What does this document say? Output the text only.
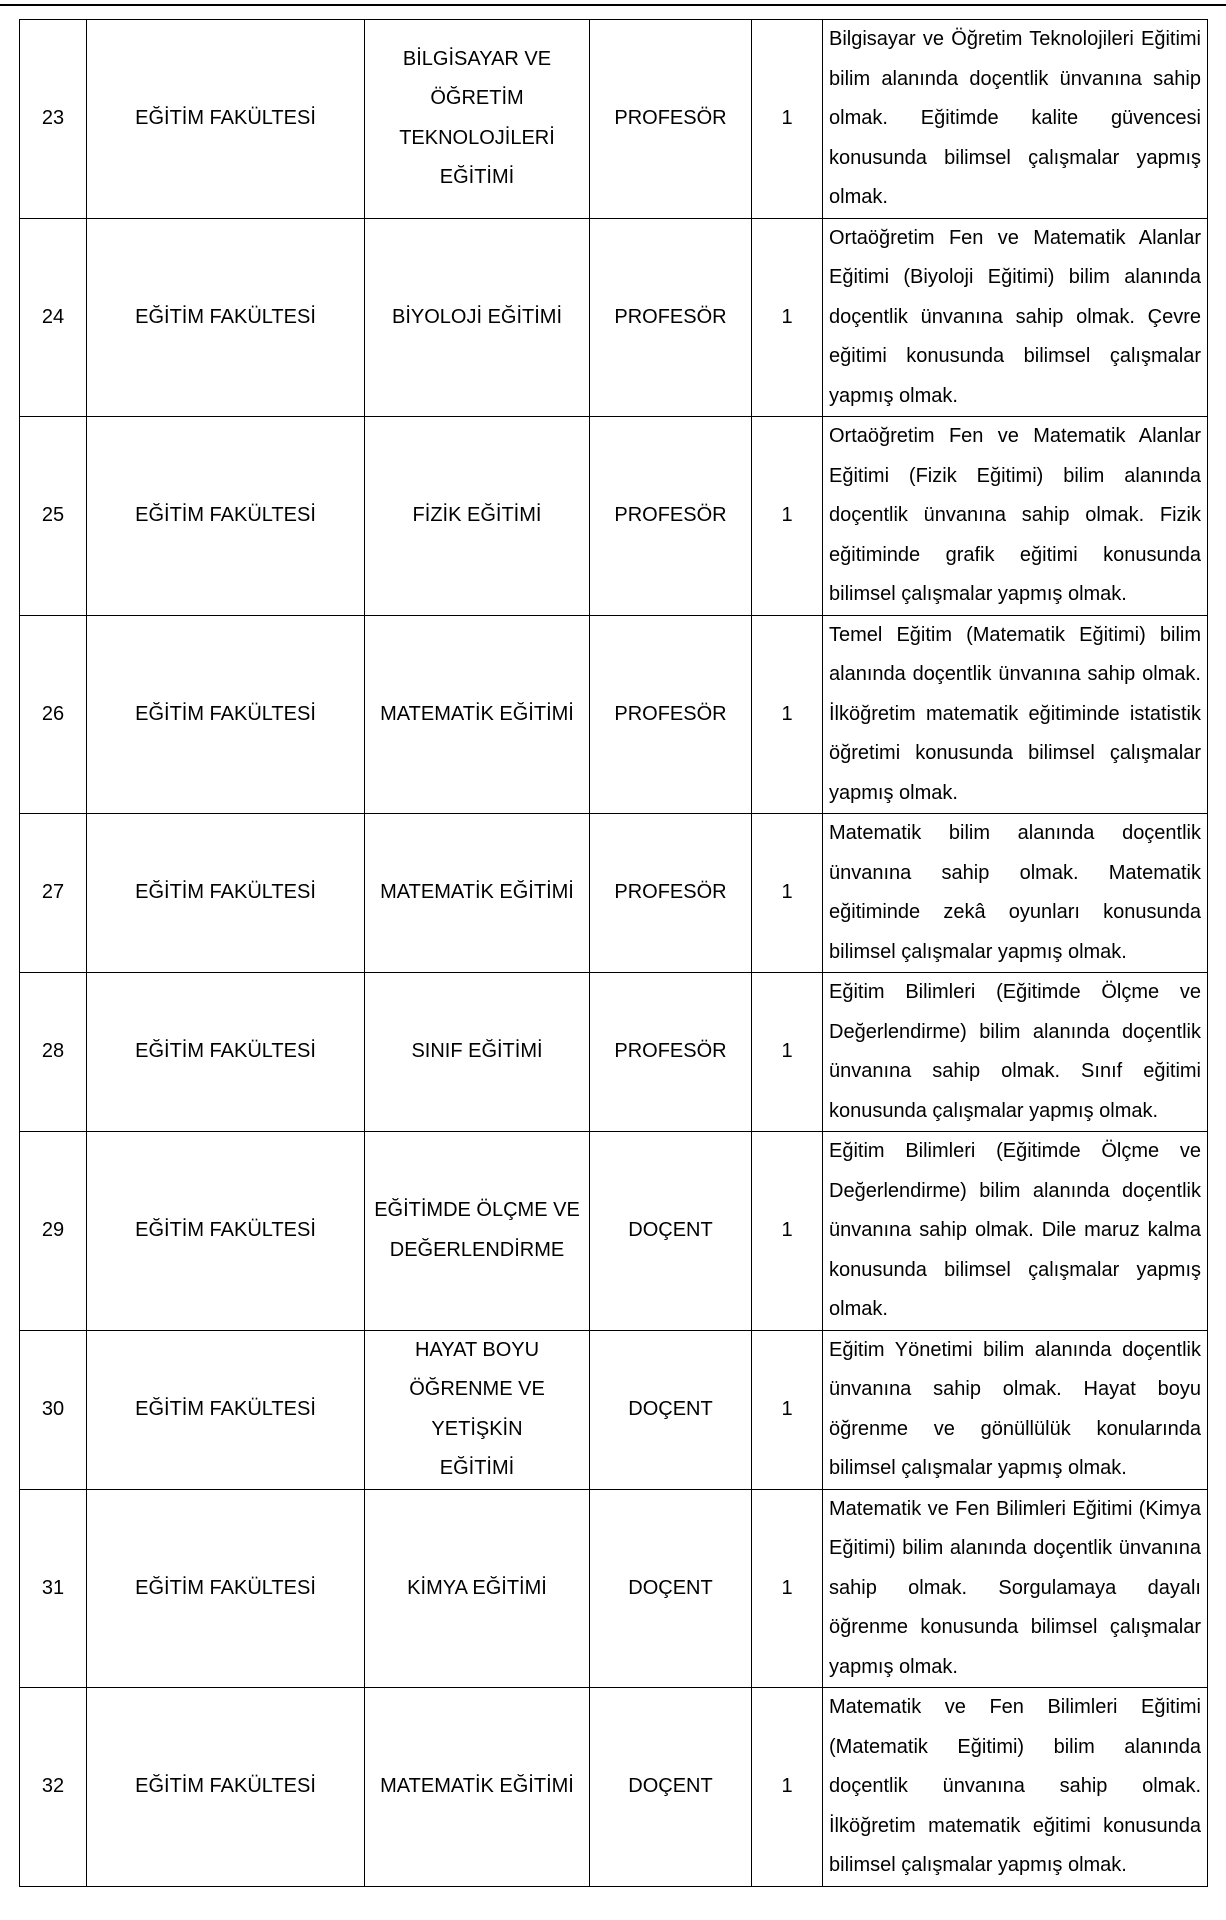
23	EĞİTİM FAKÜLTESİ	BİLGİSAYAR VE ÖĞRETİM TEKNOLOJİLERİ EĞİTİMİ	PROFESÖR	1	Bilgisayar ve Öğretim Teknolojileri Eğitimi bilim alanında doçentlik ünvanına sahip olmak. Eğitimde kalite güvencesi konusunda bilimsel çalışmalar yapmış olmak.
24	EĞİTİM FAKÜLTESİ	BİYOLOJİ EĞİTİMİ	PROFESÖR	1	Ortaöğretim Fen ve Matematik Alanlar Eğitimi (Biyoloji Eğitimi) bilim alanında doçentlik ünvanına sahip olmak. Çevre eğitimi konusunda bilimsel çalışmalar yapmış olmak.
25	EĞİTİM FAKÜLTESİ	FİZİK EĞİTİMİ	PROFESÖR	1	Ortaöğretim Fen ve Matematik Alanlar Eğitimi (Fizik Eğitimi) bilim alanında doçentlik ünvanına sahip olmak. Fizik eğitiminde grafik eğitimi konusunda bilimsel çalışmalar yapmış olmak.
26	EĞİTİM FAKÜLTESİ	MATEMATİK EĞİTİMİ	PROFESÖR	1	Temel Eğitim (Matematik Eğitimi) bilim alanında doçentlik ünvanına sahip olmak. İlköğretim matematik eğitiminde istatistik öğretimi konusunda bilimsel çalışmalar yapmış olmak.
27	EĞİTİM FAKÜLTESİ	MATEMATİK EĞİTİMİ	PROFESÖR	1	Matematik bilim alanında doçentlik ünvanına sahip olmak. Matematik eğitiminde zekâ oyunları konusunda bilimsel çalışmalar yapmış olmak.
28	EĞİTİM FAKÜLTESİ	SINIF EĞİTİMİ	PROFESÖR	1	Eğitim Bilimleri (Eğitimde Ölçme ve Değerlendirme) bilim alanında doçentlik ünvanına sahip olmak. Sınıf eğitimi konusunda çalışmalar yapmış olmak.
29	EĞİTİM FAKÜLTESİ	EĞİTİMDE ÖLÇME VE DEĞERLENDİRME	DOÇENT	1	Eğitim Bilimleri (Eğitimde Ölçme ve Değerlendirme) bilim alanında doçentlik ünvanına sahip olmak. Dile maruz kalma konusunda bilimsel çalışmalar yapmış olmak.
30	EĞİTİM FAKÜLTESİ	HAYAT BOYU ÖĞRENME VE YETİŞKİN EĞİTİMİ	DOÇENT	1	Eğitim Yönetimi bilim alanında doçentlik ünvanına sahip olmak. Hayat boyu öğrenme ve gönüllülük konularında bilimsel çalışmalar yapmış olmak.
31	EĞİTİM FAKÜLTESİ	KİMYA EĞİTİMİ	DOÇENT	1	Matematik ve Fen Bilimleri Eğitimi (Kimya Eğitimi) bilim alanında doçentlik ünvanına sahip olmak. Sorgulamaya dayalı öğrenme konusunda bilimsel çalışmalar yapmış olmak.
32	EĞİTİM FAKÜLTESİ	MATEMATİK EĞİTİMİ	DOÇENT	1	Matematik ve Fen Bilimleri Eğitimi (Matematik Eğitimi) bilim alanında doçentlik ünvanına sahip olmak. İlköğretim matematik eğitimi konusunda bilimsel çalışmalar yapmış olmak.
